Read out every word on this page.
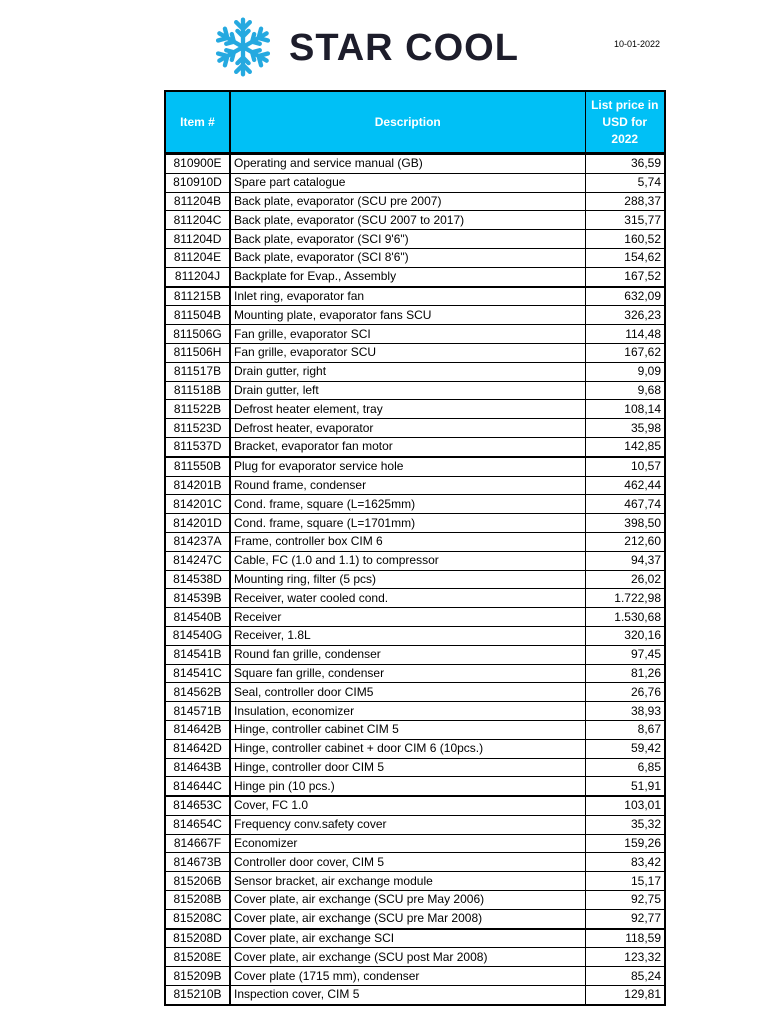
STAR COOL	10-01-2022
Item #	Description	List price in USD for 2022
810900E	Operating and service manual (GB)	36,59
810910D	Spare part catalogue	5,74
811204B	Back plate, evaporator (SCU pre 2007)	288,37
811204C	Back plate, evaporator (SCU 2007 to 2017)	315,77
811204D	Back plate, evaporator (SCI 9'6")	160,52
811204E	Back plate, evaporator (SCI 8'6")	154,62
811204J	Backplate for Evap., Assembly	167,52
811215B	Inlet ring, evaporator fan	632,09
811504B	Mounting plate, evaporator fans SCU	326,23
811506G	Fan grille, evaporator SCI	114,48
811506H	Fan grille, evaporator SCU	167,62
811517B	Drain gutter, right	9,09
811518B	Drain gutter, left	9,68
811522B	Defrost heater element, tray	108,14
811523D	Defrost heater, evaporator	35,98
811537D	Bracket, evaporator fan motor	142,85
811550B	Plug for evaporator service hole	10,57
814201B	Round frame, condenser	462,44
814201C	Cond. frame, square (L=1625mm)	467,74
814201D	Cond. frame, square (L=1701mm)	398,50
814237A	Frame, controller box CIM 6	212,60
814247C	Cable, FC (1.0 and 1.1) to compressor	94,37
814538D	Mounting ring, filter (5 pcs)	26,02
814539B	Receiver, water cooled cond.	1.722,98
814540B	Receiver	1.530,68
814540G	Receiver, 1.8L	320,16
814541B	Round fan grille, condenser	97,45
814541C	Square fan grille, condenser	81,26
814562B	Seal, controller door CIM5	26,76
814571B	Insulation, economizer	38,93
814642B	Hinge, controller cabinet CIM 5	8,67
814642D	Hinge, controller cabinet + door CIM 6 (10pcs.)	59,42
814643B	Hinge, controller door CIM 5	6,85
814644C	Hinge pin (10 pcs.)	51,91
814653C	Cover, FC 1.0	103,01
814654C	Frequency conv.safety cover	35,32
814667F	Economizer	159,26
814673B	Controller door cover, CIM 5	83,42
815206B	Sensor bracket, air exchange module	15,17
815208B	Cover plate, air exchange (SCU pre May 2006)	92,75
815208C	Cover plate, air exchange (SCU pre Mar 2008)	92,77
815208D	Cover plate, air exchange SCI	118,59
815208E	Cover plate, air exchange (SCU post Mar 2008)	123,32
815209B	Cover plate (1715 mm), condenser	85,24
815210B	Inspection cover, CIM 5	129,81
